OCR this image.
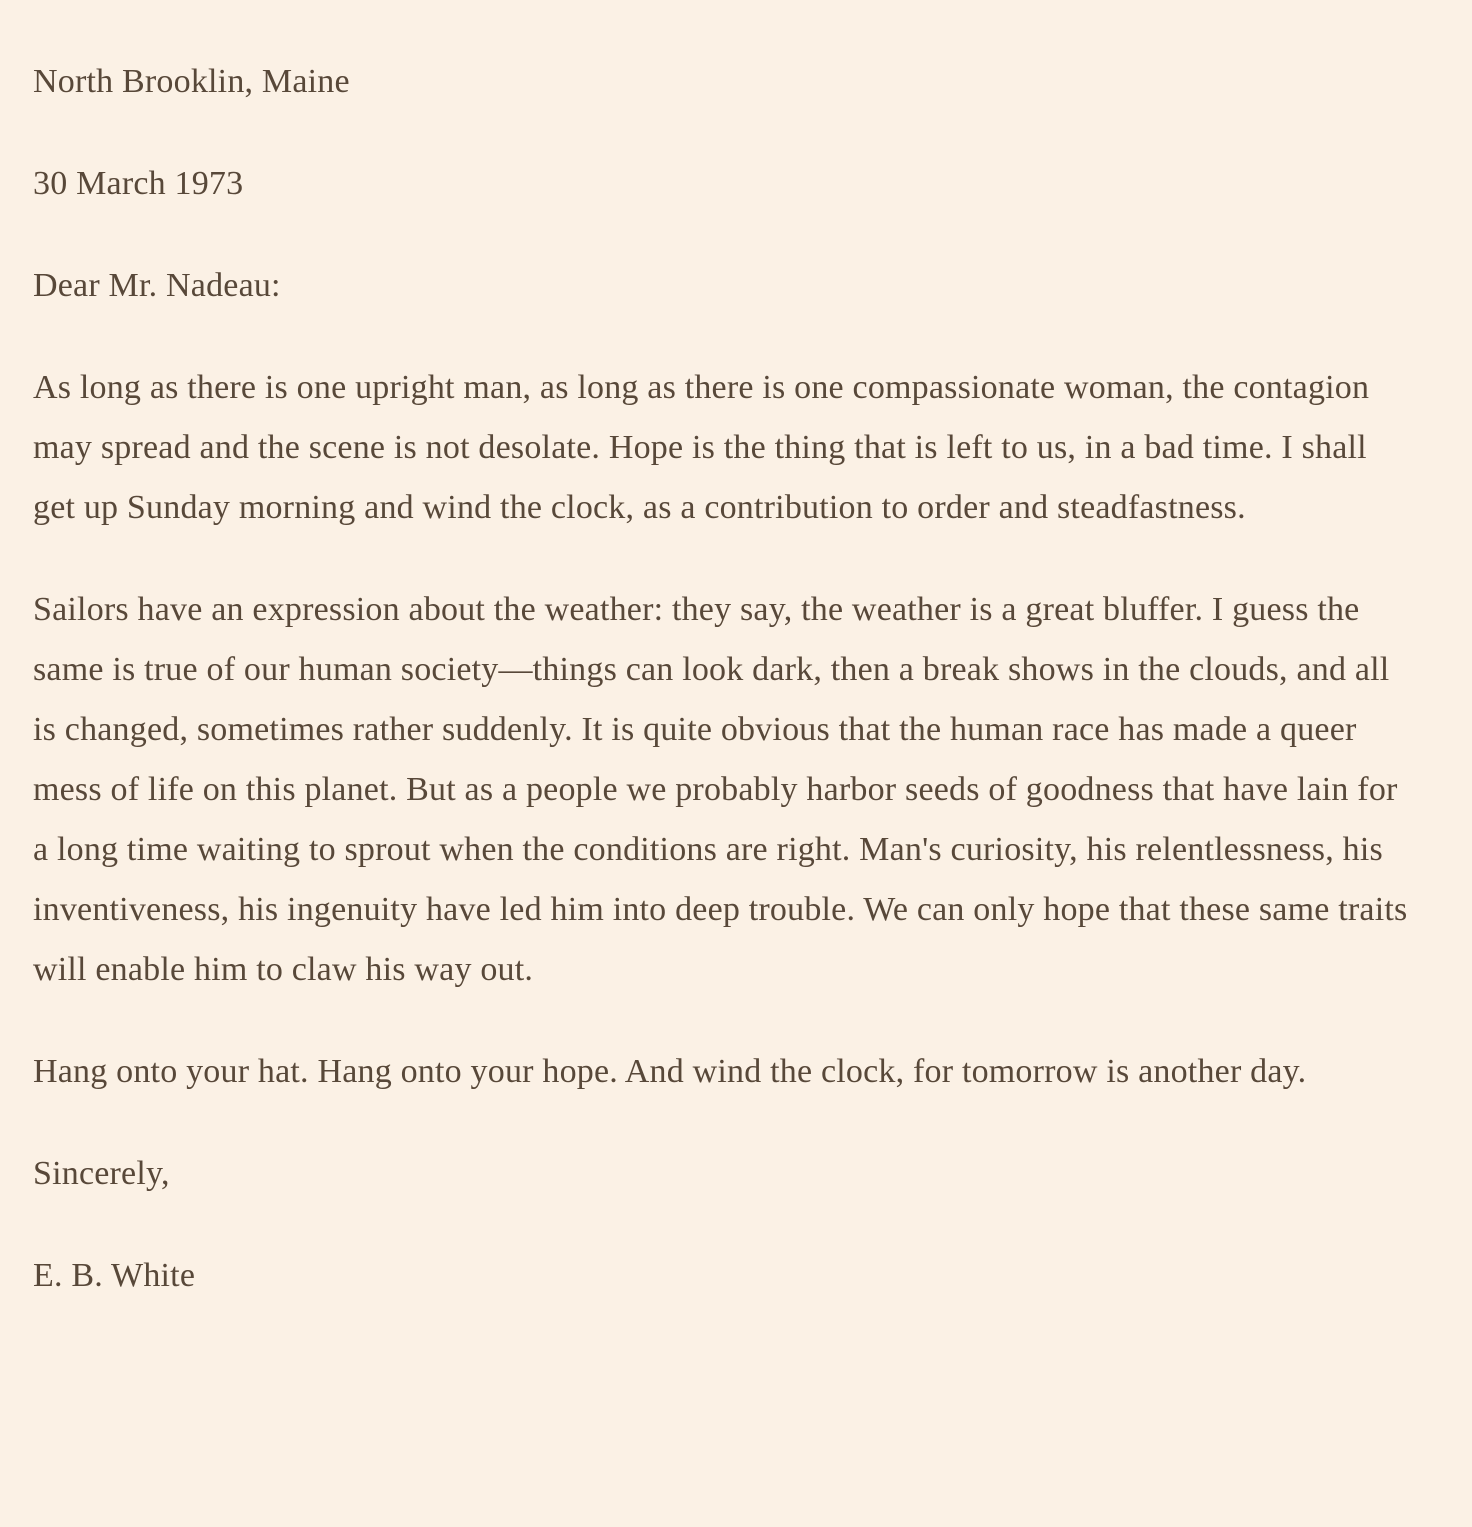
North Brooklin, Maine

30 March 1973

Dear Mr. Nadeau:

As long as there is one upright man, as long as there is one compassionate woman, the contagion may spread and the scene is not desolate. Hope is the thing that is left to us, in a bad time. I shall get up Sunday morning and wind the clock, as a contribution to order and steadfastness.

Sailors have an expression about the weather: they say, the weather is a great bluffer. I guess the same is true of our human society—things can look dark, then a break shows in the clouds, and all is changed, sometimes rather suddenly. It is quite obvious that the human race has made a queer mess of life on this planet. But as a people we probably harbor seeds of goodness that have lain for a long time waiting to sprout when the conditions are right. Man's curiosity, his relentlessness, his inventiveness, his ingenuity have led him into deep trouble. We can only hope that these same traits will enable him to claw his way out.

Hang onto your hat. Hang onto your hope. And wind the clock, for tomorrow is another day.

Sincerely,

E. B. White
